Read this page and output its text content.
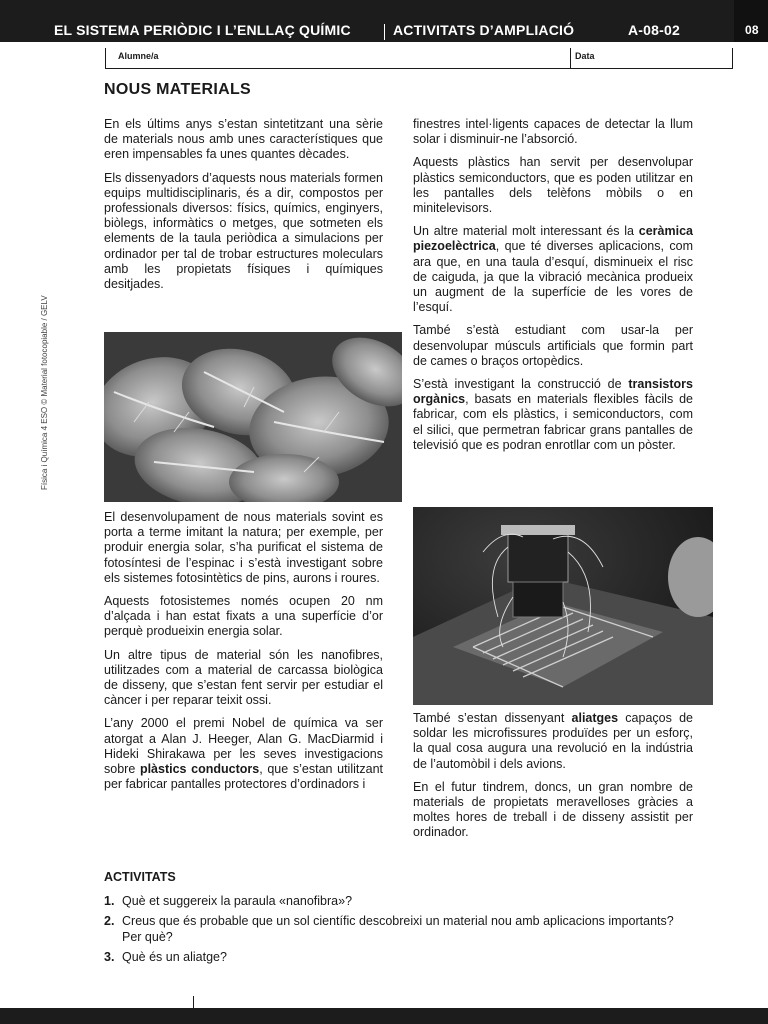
EL SISTEMA PERIÒDIC I L’ENLLAÇ QUÍMIC	ACTIVITATS D’AMPLIACIÓ	A-08-02	08
Alumne/a	Data
Física i Química 4 ESO © Material fotocopiable / GELV
NOUS MATERIALS

En els últims anys s’estan sintetitzant una sèrie de materials nous amb unes característiques que eren impensables fa unes quantes dècades.

Els dissenyadors d’aquests nous materials formen equips multidisciplinaris, és a dir, compostos per professionals diversos: físics, químics, enginyers, biòlegs, informàtics o metges, que sotmeten els elements de la taula periòdica a simulacions per ordinador per tal de trobar estructures moleculars amb les propietats físiques i químiques desitjades.

El desenvolupament de nous materials sovint es porta a terme imitant la natura; per exemple, per produir energia solar, s’ha purificat el sistema de fotosíntesi de l’espinac i s’està investigant sobre els sistemes fotosintètics de pins, aurons i roures.

Aquests fotosistemes només ocupen 20 nm d’alçada i han estat fixats a una superfície d’or perquè produeixin energia solar.

Un altre tipus de material són les nanofibres, utilitzades com a material de carcassa biològica de disseny, que s’estan fent servir per estudiar el càncer i per reparar teixit ossi.

L’any 2000 el premi Nobel de química va ser atorgat a Alan J. Heeger, Alan G. MacDiarmid i Hideki Shirakawa per les seves investigacions sobre plàstics conductors, que s’estan utilitzant per fabricar pantalles protectores d’ordinadors i

finestres intel·ligents capaces de detectar la llum solar i disminuir-ne l’absorció.

Aquests plàstics han servit per desenvolupar plàstics semiconductors, que es poden utilitzar en les pantalles dels telèfons mòbils o en minitelevisors.

Un altre material molt interessant és la ceràmica piezoelèctrica, que té diverses aplicacions, com ara que, en una taula d’esquí, disminueix el risc de caiguda, ja que la vibració mecànica produeix un augment de la superfície de les vores de l’esquí.

També s’està estudiant com usar-la per desenvolupar músculs artificials que formin part de cames o braços ortopèdics.

S’està investigant la construcció de transistors orgànics, basats en materials flexibles fàcils de fabricar, com els plàstics, i semiconductors, com el silici, que permetran fabricar grans pantalles de televisió que es podran enrotllar com un pòster.

També s’estan dissenyant aliatges capaços de soldar les microfissures produïdes per un esforç, la qual cosa augura una revolució en la indústria de l’automòbil i dels avions.

En el futur tindrem, doncs, un gran nombre de materials de propietats meravelloses gràcies a moltes hores de treball i de disseny assistit per ordinador.

ACTIVITATS
1. Què et suggereix la paraula «nanofibra»?
2. Creus que és probable que un sol científic descobreixi un material nou amb aplicacions importants? Per què?
3. Què és un aliatge?
